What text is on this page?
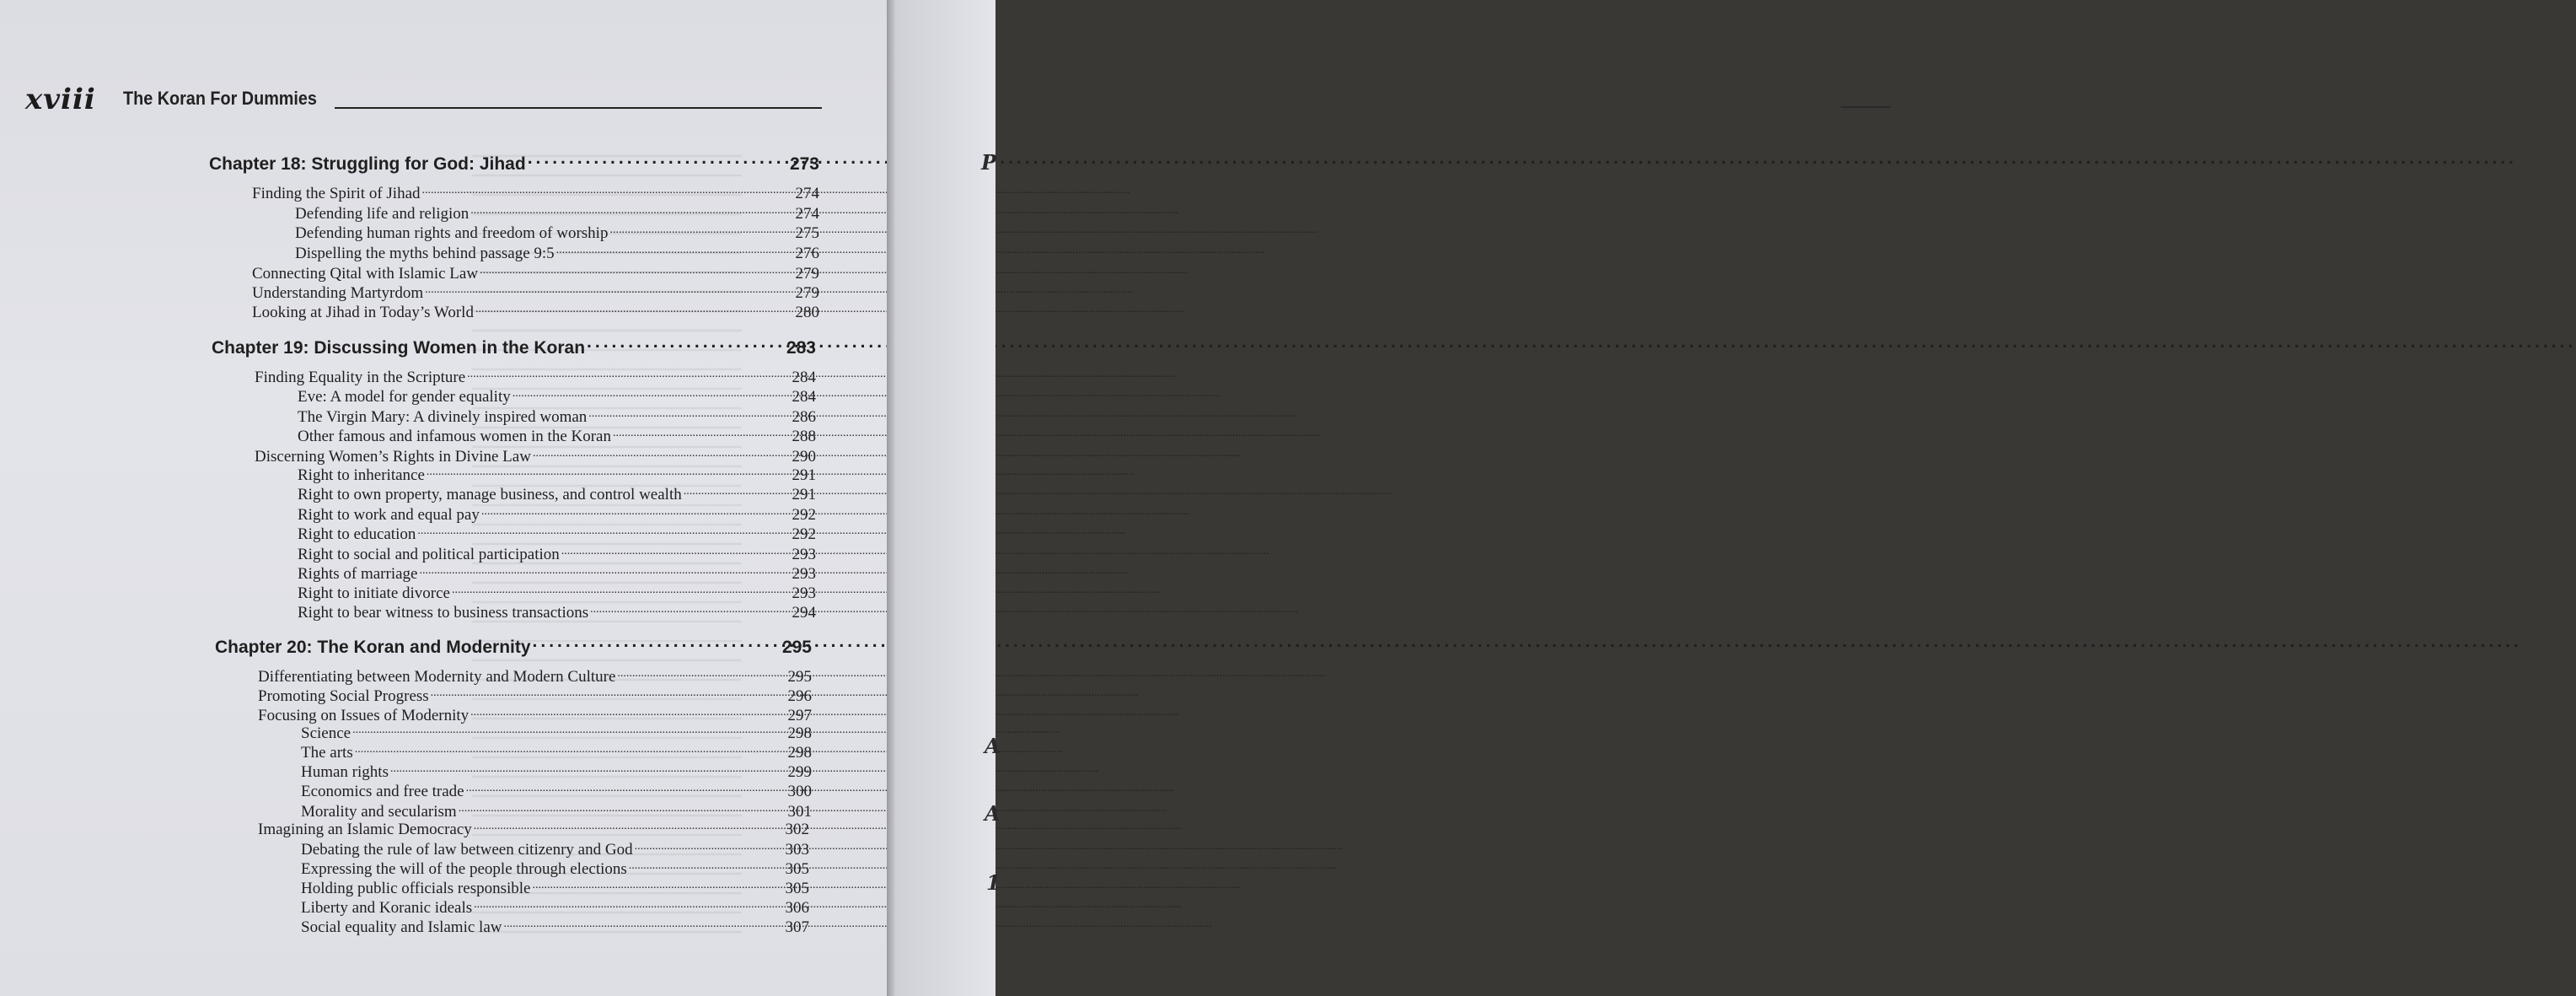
xviii The Koran For Dummies
Chapter 18: Struggling for God: Jihad .....	273
Finding the Spirit of Jihad .....	274
Defending life and religion .....	274
Defending human rights and freedom of worship .....	275
Dispelling the myths behind passage 9:5 .....	276
Connecting Qital with Islamic Law .....	279
Understanding Martyrdom .....	279
Looking at Jihad in Today’s World .....	280
Chapter 19: Discussing Women in the Koran .....	283
Finding Equality in the Scripture .....	284
Eve: A model for gender equality .....	284
The Virgin Mary: A divinely inspired woman .....	286
Other famous and infamous women in the Koran .....	288
Discerning Women’s Rights in Divine Law .....	290
Right to inheritance .....	291
Right to own property, manage business, and control wealth .....	291
Right to work and equal pay .....	292
Right to education .....	292
Right to social and political participation .....	293
Rights of marriage .....	293
Right to initiate divorce .....	293
Right to bear witness to business transactions .....	294
Chapter 20: The Koran and Modernity .....	295
Differentiating between Modernity and Modern Culture .....	295
Promoting Social Progress .....	296
Focusing on Issues of Modernity .....	297
Science .....	298
The arts .....	298
Human rights .....	299
Economics and free trade .....	300
Morality and secularism .....	301
Imagining an Islamic Democracy .....	302
Debating the rule of law between citizenry and God .....	303
Expressing the will of the people through elections .....	305
Holding public officials responsible .....	305
Liberty and Koranic ideals .....	306
Social equality and Islamic law .....	307
P
A
A
1
